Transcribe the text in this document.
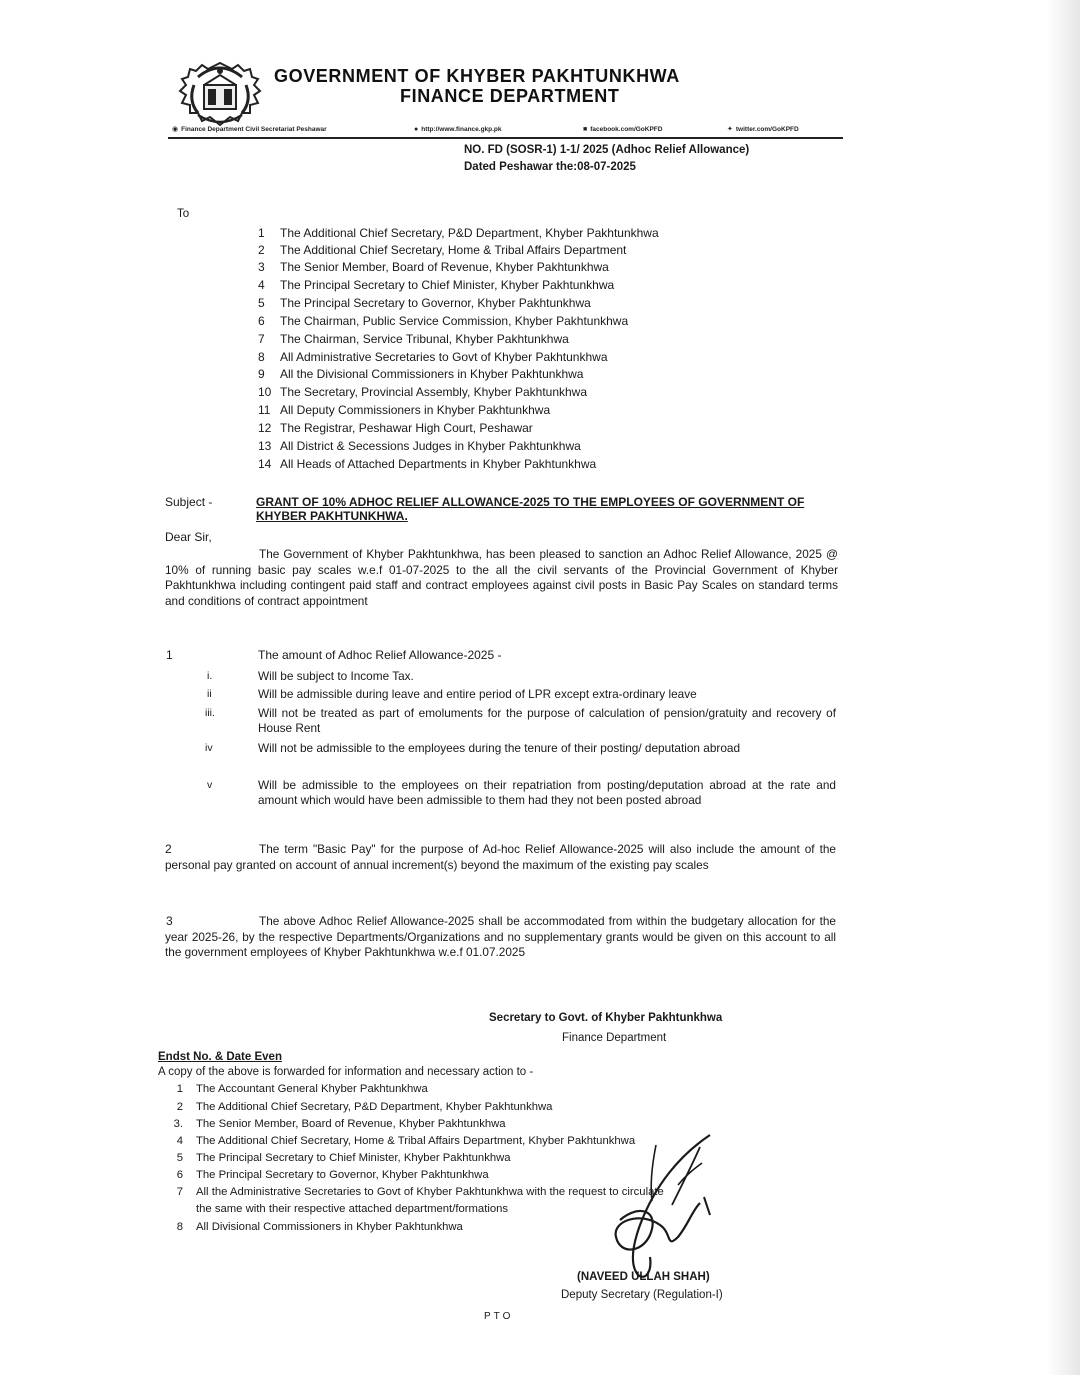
GOVERNMENT OF KHYBER PAKHTUNKHWA
FINANCE DEPARTMENT
◉ Finance Department Civil Secretariat Peshawar	● http://www.finance.gkp.pk	■ facebook.com/GoKPFD	✦ twitter.com/GoKPFD
NO. FD (SOSR-1) 1-1/ 2025 (Adhoc Relief Allowance)
Dated Peshawar the:08-07-2025
To
1 The Additional Chief Secretary, P&D Department, Khyber Pakhtunkhwa
2 The Additional Chief Secretary, Home & Tribal Affairs Department
3 The Senior Member, Board of Revenue, Khyber Pakhtunkhwa
4 The Principal Secretary to Chief Minister, Khyber Pakhtunkhwa
5 The Principal Secretary to Governor, Khyber Pakhtunkhwa
6 The Chairman, Public Service Commission, Khyber Pakhtunkhwa
7 The Chairman, Service Tribunal, Khyber Pakhtunkhwa
8 All Administrative Secretaries to Govt of Khyber Pakhtunkhwa
9 All the Divisional Commissioners in Khyber Pakhtunkhwa
10 The Secretary, Provincial Assembly, Khyber Pakhtunkhwa
11 All Deputy Commissioners in Khyber Pakhtunkhwa
12 The Registrar, Peshawar High Court, Peshawar
13 All District & Secessions Judges in Khyber Pakhtunkhwa
14 All Heads of Attached Departments in Khyber Pakhtunkhwa
Subject -	GRANT OF 10% ADHOC RELIEF ALLOWANCE-2025 TO THE EMPLOYEES OF GOVERNMENT OF KHYBER PAKHTUNKHWA.
Dear Sir,
The Government of Khyber Pakhtunkhwa, has been pleased to sanction an Adhoc Relief Allowance, 2025 @ 10% of running basic pay scales w.e.f 01-07-2025 to the all the civil servants of the Provincial Government of Khyber Pakhtunkhwa including contingent paid staff and contract employees against civil posts in Basic Pay Scales on standard terms and conditions of contract appointment
1	The amount of Adhoc Relief Allowance-2025 -
i.	Will be subject to Income Tax.
ii	Will be admissible during leave and entire period of LPR except extra-ordinary leave
iii.	Will not be treated as part of emoluments for the purpose of calculation of pension/gratuity and recovery of House Rent
iv	Will not be admissible to the employees during the tenure of their posting/ deputation abroad
v	Will be admissible to the employees on their repatriation from posting/deputation abroad at the rate and amount which would have been admissible to them had they not been posted abroad
2	The term "Basic Pay" for the purpose of Ad-hoc Relief Allowance-2025 will also include the amount of the personal pay granted on account of annual increment(s) beyond the maximum of the existing pay scales
3	The above Adhoc Relief Allowance-2025 shall be accommodated from within the budgetary allocation for the year 2025-26, by the respective Departments/Organizations and no supplementary grants would be given on this account to all the government employees of Khyber Pakhtunkhwa w.e.f 01.07.2025
Secretary to Govt. of Khyber Pakhtunkhwa
Finance Department
Endst No. & Date Even
A copy of the above is forwarded for information and necessary action to -
1 The Accountant General Khyber Pakhtunkhwa
2 The Additional Chief Secretary, P&D Department, Khyber Pakhtunkhwa
3. The Senior Member, Board of Revenue, Khyber Pakhtunkhwa
4 The Additional Chief Secretary, Home & Tribal Affairs Department, Khyber Pakhtunkhwa
5 The Principal Secretary to Chief Minister, Khyber Pakhtunkhwa
6 The Principal Secretary to Governor, Khyber Pakhtunkhwa
7 All the Administrative Secretaries to Govt of Khyber Pakhtunkhwa with the request to circulate
the same with their respective attached department/formations
8 All Divisional Commissioners in Khyber Pakhtunkhwa
(NAVEED ULLAH SHAH)
Deputy Secretary (Regulation-I)
PTO
